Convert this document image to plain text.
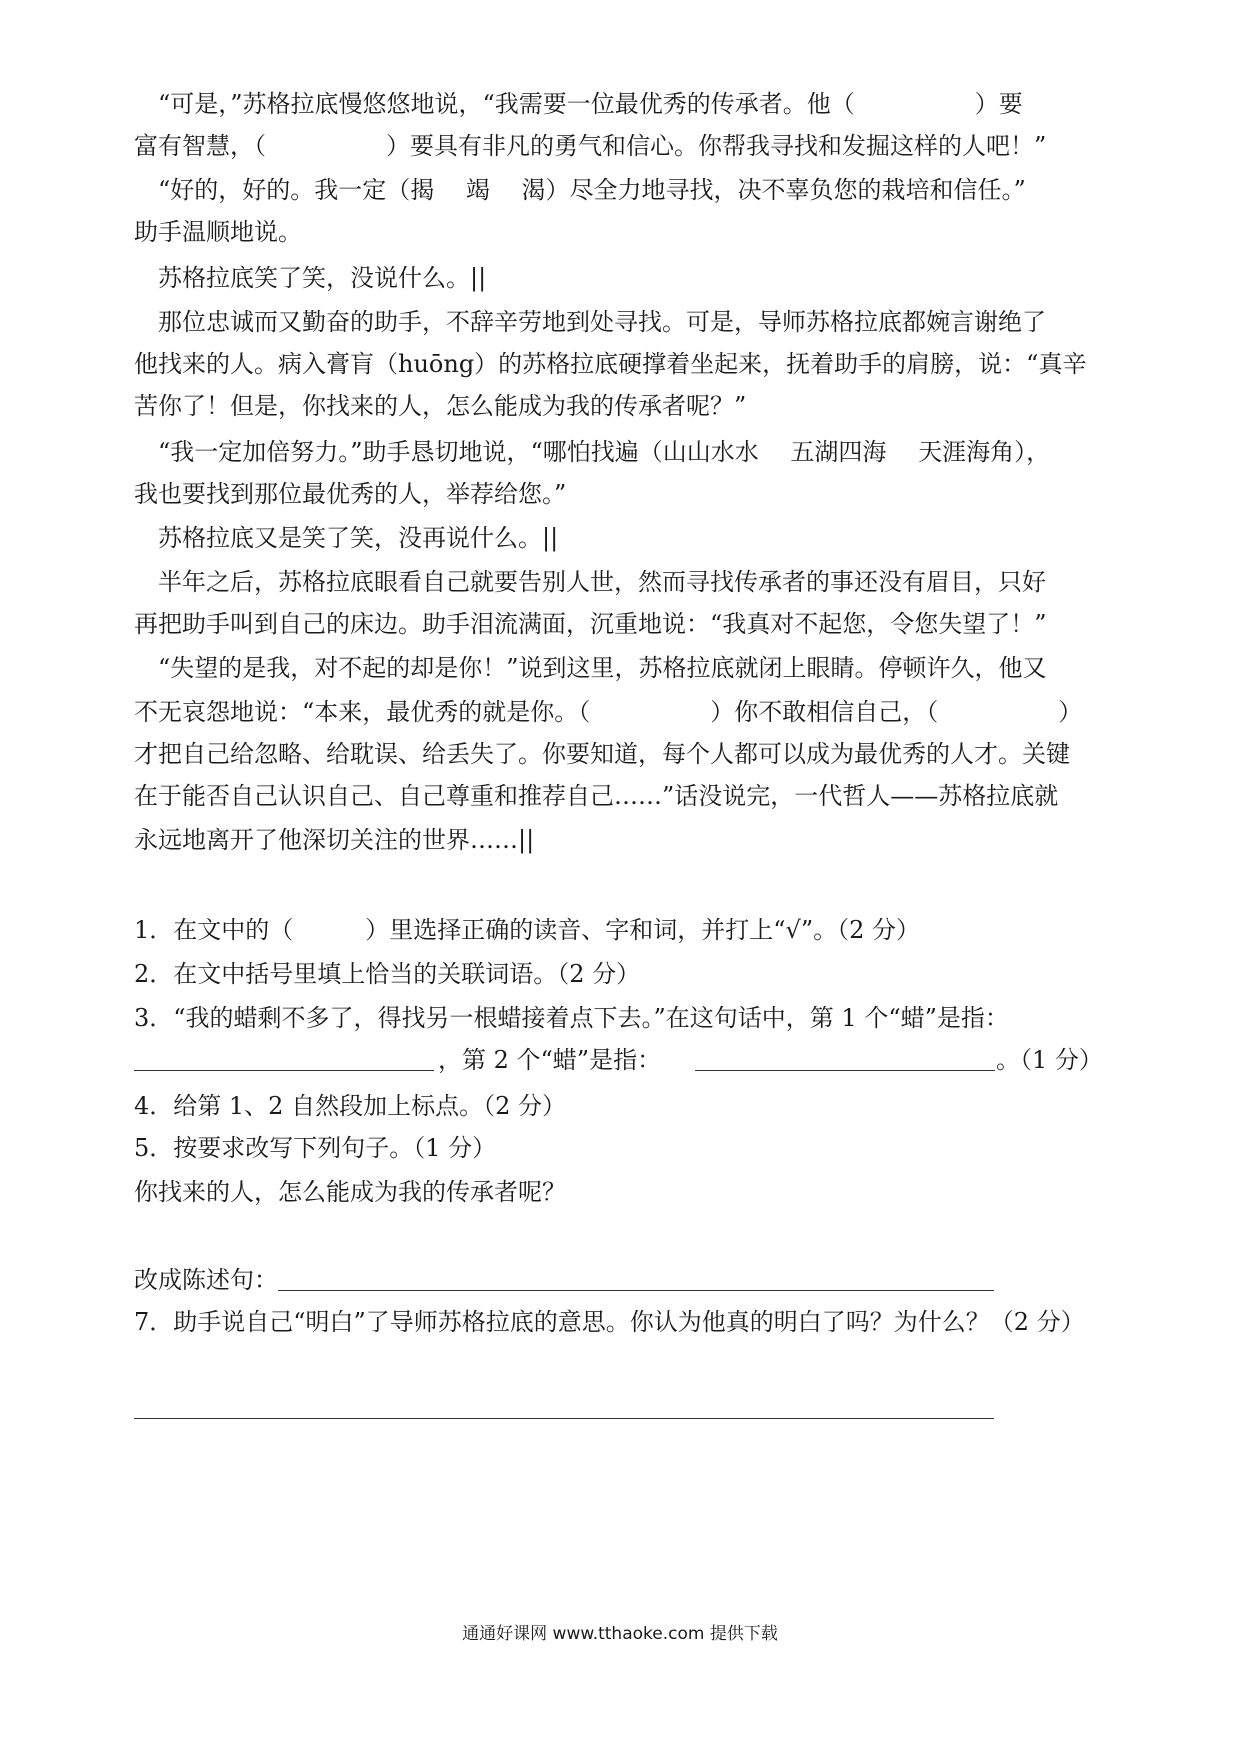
　“可是，”苏格拉底慢悠悠地说，“我需要一位最优秀的传承者。他（　　　　　）要
富有智慧，（　　　　　）要具有非凡的勇气和信心。你帮我寻找和发掘这样的人吧！”
　“好的，好的。我一定（揭　 竭　 渴）尽全力地寻找，决不辜负您的栽培和信任。”
助手温顺地说。
　苏格拉底笑了笑，没说什么。||
　那位忠诚而又勤奋的助手，不辞辛劳地到处寻找。可是，导师苏格拉底都婉言谢绝了
他找来的人。病入膏肓（huōng）的苏格拉底硬撑着坐起来，抚着助手的肩膀，说：“真辛
苦你了！但是，你找来的人，怎么能成为我的传承者呢？”
　“我一定加倍努力。”助手恳切地说，“哪怕找遍（山山水水　 五湖四海　 天涯海角），
我也要找到那位最优秀的人，举荐给您。”
　苏格拉底又是笑了笑，没再说什么。||
　半年之后，苏格拉底眼看自己就要告别人世，然而寻找传承者的事还没有眉目，只好
再把助手叫到自己的床边。助手泪流满面，沉重地说：“我真对不起您，令您失望了！”
　“失望的是我，对不起的却是你！”说到这里，苏格拉底就闭上眼睛。停顿许久，他又
不无哀怨地说：“本来，最优秀的就是你。（　　　　　）你不敢相信自己，（　　　　　）
才把自己给忽略、给耽误、给丢失了。你要知道，每个人都可以成为最优秀的人才。关键
在于能否自己认识自己、自己尊重和推荐自己……”话没说完，一代哲人——苏格拉底就
永远地离开了他深切关注的世界……||
1．在文中的（　　　）里选择正确的读音、字和词，并打上“√”。（2 分）
2．在文中括号里填上恰当的关联词语。（2 分）
3．“我的蜡剩不多了，得找另一根蜡接着点下去。”在这句话中，第 1 个“蜡”是指：
，第 2 个“蜡”是指：	。（1 分）
4．给第 1、2 自然段加上标点。（2 分）
5．按要求改写下列句子。（1 分）
你找来的人，怎么能成为我的传承者呢？
改成陈述句：
7．助手说自己“明白”了导师苏格拉底的意思。你认为他真的明白了吗？为什么？（2 分）
通通好课网 www.tthaoke.com 提供下载
